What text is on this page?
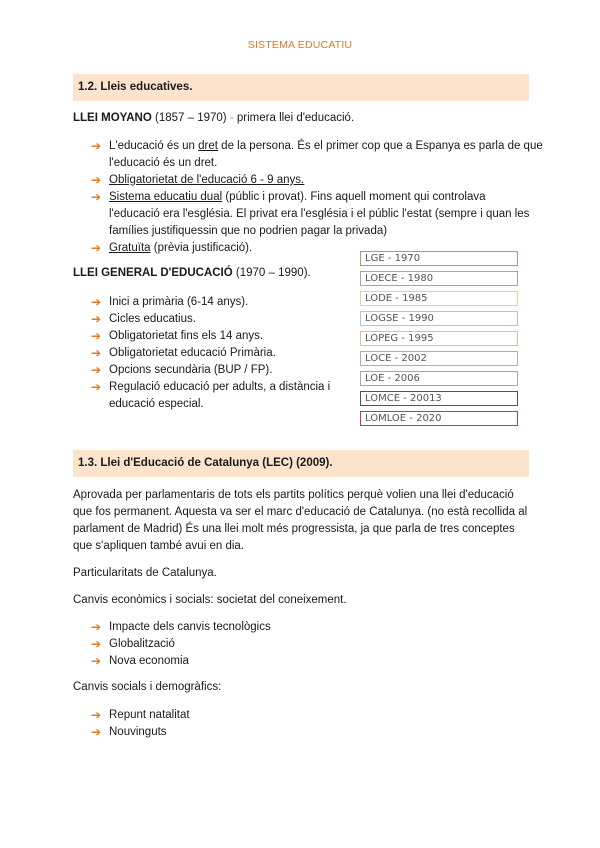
SISTEMA EDUCATIU
1.2. Lleis educatives.
LLEI MOYANO (1857 – 1970) - primera llei d'educació.
➔ L'educació és un dret de la persona. És el primer cop que a Espanya es parla de que
l'educació és un dret.
➔ Obligatorietat de l'educació 6 - 9 anys.
➔ Sistema educatiu dual (públic i provat). Fins aquell moment qui controlava
l'educació era l'església. El privat era l'església i el públic l'estat (sempre i quan les
famílies justifiquessin que no podrien pagar la privada)
➔ Gratuïta (prèvia justificació).
LLEI GENERAL D'EDUCACIÓ (1970 – 1990).
➔ Inici a primària (6-14 anys).
➔ Cicles educatius.
➔ Obligatorietat fins els 14 anys.
➔ Obligatorietat educació Primària.
➔ Opcions secundària (BUP / FP).
➔ Regulació educació per adults, a distància i
educació especial.
LGE - 1970
LOECE - 1980
LODE - 1985
LOGSE - 1990
LOPEG - 1995
LOCE - 2002
LOE - 2006
LOMCE - 20013
LOMLOE - 2020
1.3. Llei d'Educació de Catalunya (LEC) (2009).
Aprovada per parlamentaris de tots els partits polítics perquè volien una llei d'educació
que fos permanent. Aquesta va ser el marc d'educació de Catalunya. (no està recollida al
parlament de Madrid) És una llei molt més progressista, ja que parla de tres conceptes
que s'apliquen també avui en dia.
Particularitats de Catalunya.
Canvis econòmics i socials: societat del coneixement.
➔ Impacte dels canvis tecnològics
➔ Globalització
➔ Nova economia
Canvis socials i demogràfics:
➔ Repunt natalitat
➔ Nouvinguts
